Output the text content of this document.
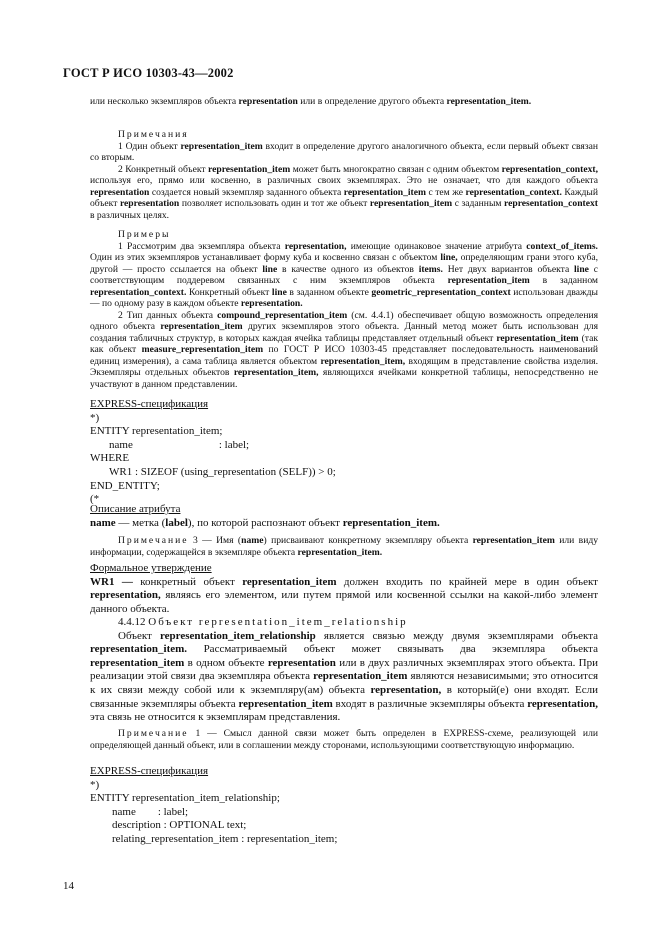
ГОСТ Р ИСО 10303-43—2002

или несколько экземпляров объекта representation или в определение другого объекта representation_item.

Примечания

1 Один объект representation_item входит в определение другого аналогичного объекта, если первый объект связан со вторым.

2 Конкретный объект representation_item может быть многократно связан с одним объектом representation_context, используя его, прямо или косвенно, в различных своих экземплярах. Это не означает, что для каждого объекта representation создается новый экземпляр заданного объекта representation_item с тем же representation_context. Каждый объект representation позволяет использовать один и тот же объект representation_item с заданным representation_context в различных целях.

Примеры

1 Рассмотрим два экземпляра объекта representation, имеющие одинаковое значение атрибута context_of_items. Один из этих экземпляров устанавливает форму куба и косвенно связан с объектом line, определяющим грани этого куба, другой — просто ссылается на объект line в качестве одного из объектов items. Нет двух вариантов объекта line с соответствующим поддеревом связанных с ним экземпляров объекта representation_item в заданном representation_context. Конкретный объект line в заданном объекте geometric_representation_context использован дважды — по одному разу в каждом объекте representation.

2 Тип данных объекта compound_representation_item (см. 4.4.1) обеспечивает общую возможность определения одного объекта representation_item других экземпляров этого объекта. Данный метод может быть использован для создания табличных структур, в которых каждая ячейка таблицы представляет отдельный объект representation_item (так как объект measure_representation_item по ГОСТ Р ИСО 10303-45 представляет последовательность наименований единиц измерения), а сама таблица является объектом representation_item, входящим в представление свойства изделия. Экземпляры отдельных объектов representation_item, являющихся ячейками конкретной таблицы, непосредственно не участвуют в данном представлении.

EXPRESS-спецификация
*)
ENTITY representation_item;
name	: label;
WHERE
WR1 : SIZEOF (using_representation (SELF)) > 0;
END_ENTITY;
(*

Описание атрибута

name — метка (label), по которой распознают объект representation_item.

Примечание 3 — Имя (name) присваивают конкретному экземпляру объекта representation_item или виду информации, содержащейся в экземпляре объекта representation_item.

Формальное утверждение

WR1 — конкретный объект representation_item должен входить по крайней мере в один объект representation, являясь его элементом, или путем прямой или косвенной ссылки на какой-либо элемент данного объекта.

4.4.12 Объект representation_item_relationship

Объект representation_item_relationship является связью между двумя экземплярами объекта representation_item. Рассматриваемый объект может связывать два экземпляра объекта representation_item в одном объекте representation или в двух различных экземплярах этого объекта. При реализации этой связи два экземпляра объекта representation_item являются независимыми; это относится к их связи между собой или к экземпляру(ам) объекта representation, в который(е) они входят. Если связанные экземпляры объекта representation_item входят в различные экземпляры объекта representation, эта связь не относится к экземплярам представления.

Примечание 1 — Смысл данной связи может быть определен в EXPRESS-схеме, реализующей или определяющей данный объект, или в соглашении между сторонами, использующими соответствующую информацию.

EXPRESS-спецификация
*)
ENTITY representation_item_relationship;
name        : label;
description : OPTIONAL text;
relating_representation_item : representation_item;
14
